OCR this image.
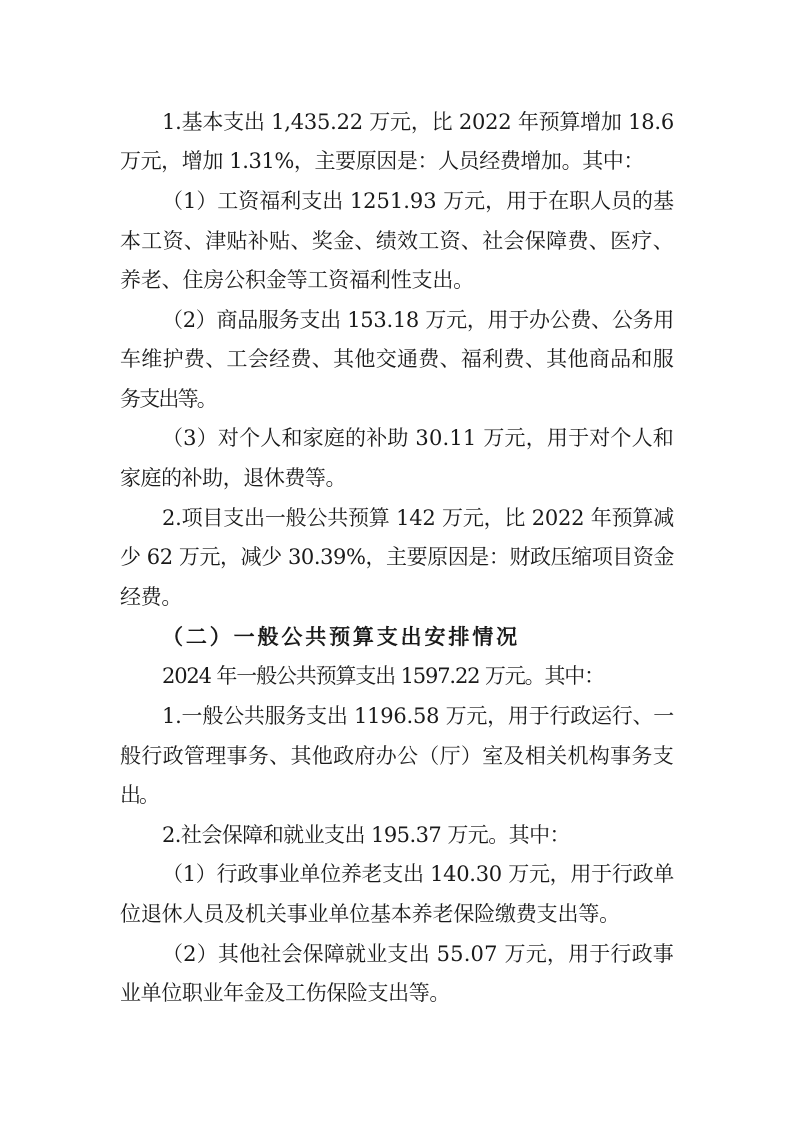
1.基本支出 1,435.22 万元，比 2022 年预算增加 18.6
万元，增加 1.31%，主要原因是：人员经费增加。其中：
（1）工资福利支出 1251.93 万元，用于在职人员的基
本工资、津贴补贴、奖金、绩效工资、社会保障费、医疗、
养老、住房公积金等工资福利性支出。
（2）商品服务支出 153.18 万元，用于办公费、公务用
车维护费、工会经费、其他交通费、福利费、其他商品和服
务支出等。
（3）对个人和家庭的补助 30.11 万元，用于对个人和
家庭的补助，退休费等。
2.项目支出一般公共预算 142 万元，比 2022 年预算减
少 62 万元，减少 30.39%，主要原因是：财政压缩项目资金
经费。
（二）一般公共预算支出安排情况
2024 年一般公共预算支出 1597.22 万元。其中：
1.一般公共服务支出 1196.58 万元，用于行政运行、一
般行政管理事务、其他政府办公（厅）室及相关机构事务支
出。
2.社会保障和就业支出 195.37 万元。其中：
（1）行政事业单位养老支出 140.30 万元，用于行政单
位退休人员及机关事业单位基本养老保险缴费支出等。
（2）其他社会保障就业支出 55.07 万元，用于行政事
业单位职业年金及工伤保险支出等。
